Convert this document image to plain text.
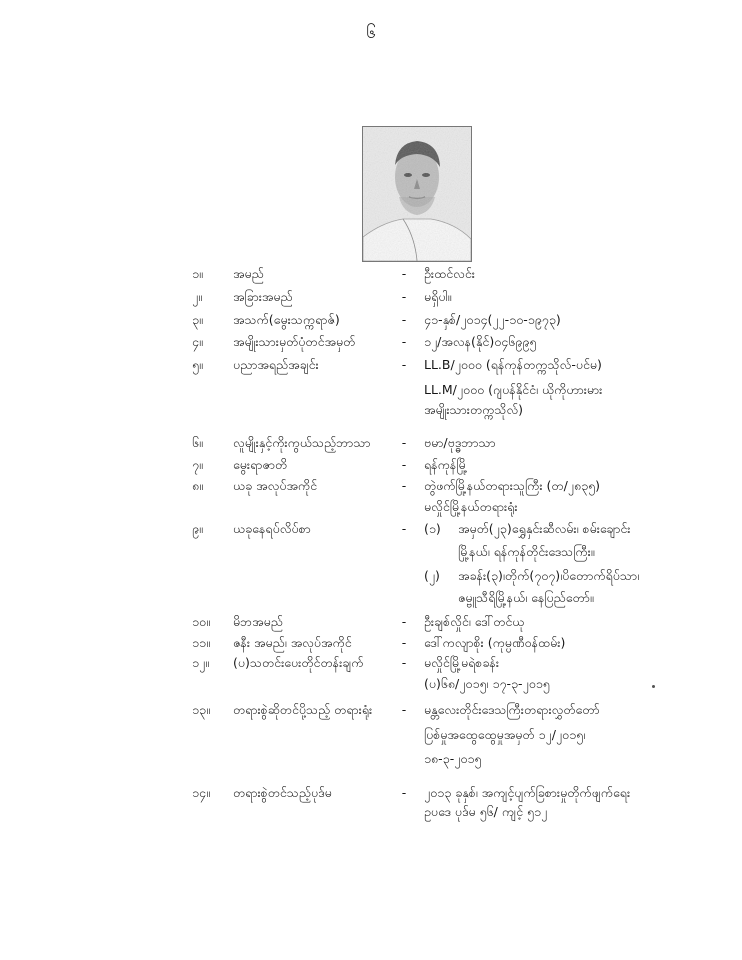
၆
၁။	အမည်	-	ဦးထင်လင်း
၂။	အခြားအမည်	-	မရှိပါ။
၃။	အသက်(မွေးသက္ကရာဇ်)	-	၄၁-နှစ်/၂၀၁၄(၂၂-၁၀-၁၉၇၃)
၄။	အမျိုးသားမှတ်ပုံတင်အမှတ်	-	၁၂/အလန(နိုင်)၀၄၆၉၉၅
၅။	ပညာအရည်အချင်း	-	LL.B/၂၀၀၀ (ရန်ကုန်တက္ကသိုလ်-ပင်မ)
LL.M/၂၀၀၀ (ဂျပန်နိုင်ငံ၊ ယိုကိုဟားမား
အမျိုးသားတက္ကသိုလ်)
၆။	လူမျိုးနှင့်ကိုးကွယ်သည့်ဘာသာ	-	ဗမာ/ဗုဒ္ဓဘာသာ
၇။	မွေးရာဇာတိ	-	ရန်ကုန်မြို့
၈။	ယခု အလုပ်အကိုင်	-	တွဲဖက်မြို့နယ်တရားသူကြီး (တ/၂၈၃၅)
မလှိုင်မြို့နယ်တရားရုံး
၉။	ယခုနေရပ်လိပ်စာ	-	(၁) အမှတ်(၂၃)ရွှေနှင်းဆီလမ်း၊ စမ်းချောင်း
မြို့နယ်၊ ရန်ကုန်တိုင်းဒေသကြီး။
(၂) အခန်း(၃)၊တိုက်(၇၀၇)၊ပိတောက်ရိပ်သာ၊
ဇမ္ဗူသီရိမြို့နယ်၊ နေပြည်တော်။
၁၀။	မိဘအမည်	-	ဦးချစ်လှိုင်၊ ဒေါ်တင်ယု
၁၁။	ဇနီး အမည်၊ အလုပ်အကိုင်	-	ဒေါ်ကလျာစိုး (ကုမ္ပဏီဝန်ထမ်း)
၁၂။	(ပ)သတင်းပေးတိုင်တန်းချက်	-	မလှိုင်မြို့မရဲစခန်း
(ပ)၆၈/၂၀၁၅၊ ၁၇-၃-၂၀၁၅
၁၃။	တရားစွဲဆိုတင်ပို့သည့် တရားရုံး	-	မန္တလေးတိုင်းဒေသကြီးတရားလွှတ်တော်
ပြစ်မှုအထွေထွေမှုအမှတ် ၁၂/၂၀၁၅၊
၁၈-၃-၂၀၁၅
၁၄။	တရားစွဲတင်သည့်ပုဒ်မ	-	၂၀၁၃ ခုနှစ်၊ အကျင့်ပျက်ခြစားမှုတိုက်ဖျက်ရေး
ဥပဒေ ပုဒ်မ ၅၆/ ကျင့် ၅၁၂
